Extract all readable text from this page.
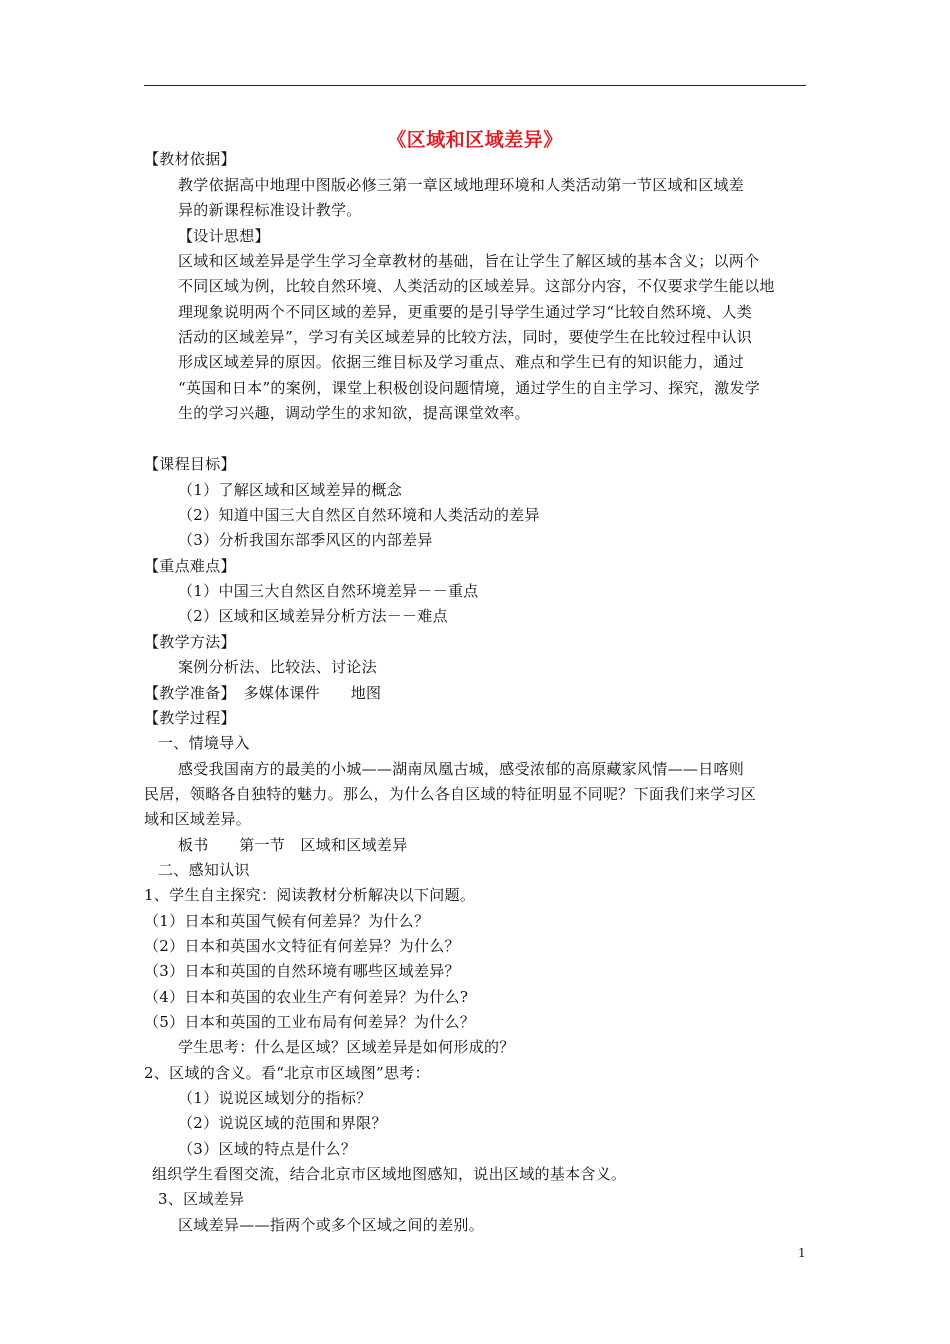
《区域和区域差异》
【教材依据】
教学依据高中地理中图版必修三第一章区域地理环境和人类活动第一节区域和区域差
异的新课程标准设计教学。
【设计思想】
区域和区域差异是学生学习全章教材的基础，旨在让学生了解区域的基本含义；以两个
不同区域为例，比较自然环境、人类活动的区域差异。这部分内容，不仅要求学生能以地
理现象说明两个不同区域的差异，更重要的是引导学生通过学习“比较自然环境、人类
活动的区域差异”，学习有关区域差异的比较方法，同时，要使学生在比较过程中认识
形成区域差异的原因。依据三维目标及学习重点、难点和学生已有的知识能力，通过
“英国和日本”的案例，课堂上积极创设问题情境，通过学生的自主学习、探究，激发学
生的学习兴趣，调动学生的求知欲，提高课堂效率。
【课程目标】
（1）了解区域和区域差异的概念
（2）知道中国三大自然区自然环境和人类活动的差异
（3）分析我国东部季风区的内部差异
【重点难点】
（1）中国三大自然区自然环境差异－－重点
（2）区域和区域差异分析方法－－难点
【教学方法】
案例分析法、比较法、讨论法
【教学准备】　多媒体课件　　地图
【教学过程】
一、情境导入
感受我国南方的最美的小城——湖南凤凰古城，感受浓郁的高原藏家风情——日喀则
民居，领略各自独特的魅力。那么，为什么各自区域的特征明显不同呢？下面我们来学习区
域和区域差异。
板书　　第一节　区域和区域差异
二、感知认识
1、学生自主探究：阅读教材分析解决以下问题。
（1）日本和英国气候有何差异？为什么？
（2）日本和英国水文特征有何差异？为什么？
（3）日本和英国的自然环境有哪些区域差异？
（4）日本和英国的农业生产有何差异？为什么?
（5）日本和英国的工业布局有何差异？为什么？
学生思考：什么是区域？区域差异是如何形成的？
2、区域的含义。看“北京市区域图”思考：
（1）说说区域划分的指标？
（2）说说区域的范围和界限？
（3）区域的特点是什么？
组织学生看图交流，结合北京市区域地图感知，说出区域的基本含义。
3、区域差异
区域差异——指两个或多个区域之间的差别。
1
